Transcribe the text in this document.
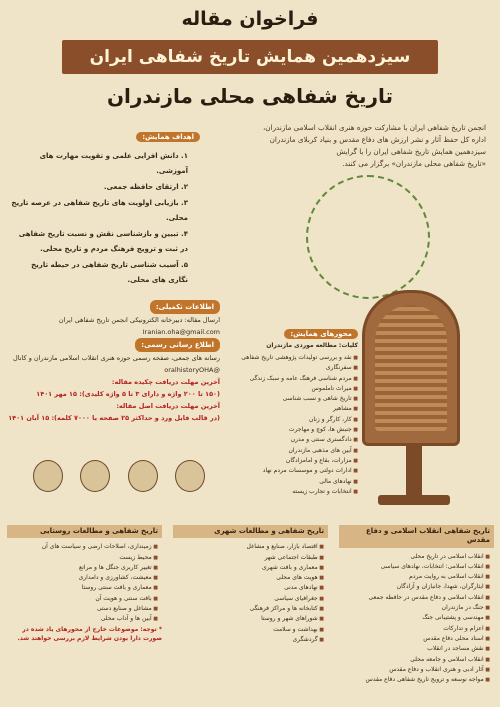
فراخوان مقاله
سیزدهمین همایش تاریخ شفاهی ایران
تاریخ شفاهی محلی مازندران
انجمن تاریخ شفاهی ایران با مشارکت حوزه هنری انقلاب اسلامی مازندران،
اداره کل حفظ آثار و نشر ارزش های دفاع مقدس و بنیاد کربلای مازندران
سیزدهمین همایش تاریخ شفاهی ایران را با گرایش
«تاریخ شفاهی محلی مازندران» برگزار می کنند.
اهداف همایش:
۱. دانش افزایی علمی و تقویت مهارت های آموزشی.
۲. ارتقای حافظه جمعی.
۳. بازیابی اولویت های تاریخ شفاهی در عرصه تاریخ محلی.
۴. تبیین و بازشناسی نقش و نسبت تاریخ شفاهی در ثبت و ترویج فرهنگ مردم و تاریخ محلی.
۵. آسیب شناسی تاریخ شفاهی در حیطه تاریخ نگاری های محلی.
اطلاعات تکمیلی:
ارسال مقاله: دبیرخانه الکترونیکی انجمن تاریخ شفاهی ایران
Iranian.oha@gmail.com
اطلاع رسانی رسمی:
رسانه های جمعی، صفحه رسمی حوزه هنری انقلاب اسلامی مازندران و کانال @oralhistoryOHA
آخرین مهلت دریافت چکیده مقاله:
(۱۵۰ تا ۲۰۰ واژه و دارای ۳ تا ۵ واژه کلیدی): ۱۵ مهر ۱۴۰۱
آخرین مهلت دریافت اصل مقاله:
(در قالب فایل ورد و حداکثر ۲۵ صفحه یا ۷۰۰۰ کلمه): ۱۵ آبان ۱۴۰۱
محورهای همایش:
کلیات: مطالعه موردی مازندران
■ نقد و بررسی تولیدات پژوهشی تاریخ شفاهی
■ سفرنگاری
■ مردم شناسی فرهنگ عامه و سبک زندگی
■ میراث ناملموس
■ تاریخ شاهی و نسب شناسی
■ مشاهیر
■ کار، کارگر و زنان
■ جنبش ها، کوچ و مهاجرت
■ دادگستری سنتی و مدرن
■ آیین های مذهبی مازندران
■ مزارات، بقاع و امامزادگان
■ ادارات دولتی و موسسات مردم نهاد
■ نهادهای مالی
■ انتخابات و تجارب زیسته
تاریخ شفاهی انقلاب اسلامی و دفاع مقدس
■ انقلاب اسلامی در تاریخ محلی
■ انقلاب اسلامی: انتخابات، نهادهای سیاسی
■ انقلاب اسلامی به روایت مردم
■ ایثارگران، شهدا، جانبازان و آزادگان
■ انقلاب اسلامی و دفاع مقدس در حافظه جمعی
■ جنگ در مازندران
■ مهندسی و پشتیبانی جنگ
■ اعزام و تدارکات
■ اسناد محلی دفاع مقدس
■ نقش مساجد در انقلاب
■ انقلاب اسلامی و جامعه محلی
■ آثار ادبی و هنری انقلاب و دفاع مقدس
■ مواجه نوسعه و ترویج تاریخ شفاهی دفاع مقدس
تاریخ شفاهی و مطالعات شهری
■ اقتصاد بازار، صنایع و مشاغل
■ طبقات اجتماعی شهر
■ معماری و بافت شهری
■ هویت های محلی
■ نهادهای مدنی
■ جغرافیای سیاسی
■ کتابخانه ها و مراکز فرهنگی
■ شوراهای شهر و روستا
■ بهداشت و سلامت
■ گردشگری
تاریخ شفاهی و مطالعات روستایی
■ زمینداری، اصلاحات ارضی و سیاست های آن
■ محیط زیست
■ تغییر کاربری جنگل ها و مراتع
■ معیشت، کشاورزی و دامداری
■ معماری و بافت سنتی روستا
■ بافت سنتی و هویت آن
■ مشاغل و صنایع دستی
■ آیین ها و آداب محلی
* توجه: موضوعات خارج از محورهای یاد شده در صورت دارا بودن شرایط لازم بررسی خواهند شد.
